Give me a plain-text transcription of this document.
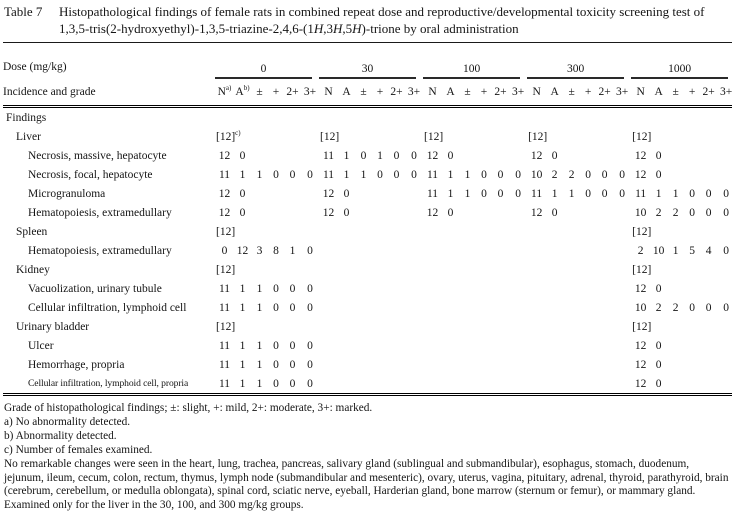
Table 7	Histopathological findings of female rats in combined repeat dose and reproductive/developmental toxicity screening test of 1,3,5-tris(2-hydroxyethyl)-1,3,5-triazine-2,4,6-(1H,3H,5H)-trione by oral administration
Dose (mg/kg)	0						30						100						300						1000					

Incidence and grade	$N^{a)}$	$A^{b)}$	±	+	2+	3+	N	A	±	+	2+	3+	N	A	±	+	2+	3+	N	A	±	+	2+	3+	N	A	±	+	2+	3+
Findings																														
Liver	$[12]^{c)}$						[12]						[12]						[12]						[12]					
Necrosis, massive, hepatocyte	12	0					11	1	0	1	0	0	12	0					12	0					12	0				
Necrosis, focal, hepatocyte	11	1	1	0	0	0	11	1	1	0	0	0	11	1	1	0	0	0	10	2	2	0	0	0	12	0				
Microgranuloma	12	0					12	0					11	1	1	0	0	0	11	1	1	0	0	0	11	1	1	0	0	0
Hematopoiesis, extramedullary	12	0					12	0					12	0					12	0					10	2	2	0	0	0
Spleen	[12]																								[12]					
Hematopoiesis, extramedullary	0	12	3	8	1	0																			2	10	1	5	4	0
Kidney	[12]																								[12]					
Vacuolization, urinary tubule	11	1	1	0	0	0																			12	0				
Cellular infiltration, lymphoid cell	11	1	1	0	0	0																			10	2	2	0	0	0
Urinary bladder	[12]																								[12]					
Ulcer	11	1	1	0	0	0																			12	0				
Hemorrhage, propria	11	1	1	0	0	0																			12	0				
Cellular infiltration, lymphoid cell, propria	11	1	1	0	0	0																			12	0				
Grade of histopathological findings; ±: slight, +: mild, 2+: moderate, 3+: marked.
a) No abnormality detected.
b) Abnormality detected.
c) Number of females examined.
No remarkable changes were seen in the heart, lung, trachea, pancreas, salivary gland (sublingual and submandibular), esophagus, stomach, duodenum, jejunum, ileum, cecum, colon, rectum, thymus, lymph node (submandibular and mesenteric), ovary, uterus, vagina, pituitary, adrenal, thyroid, parathyroid, brain (cerebrum, cerebellum, or medulla oblongata), spinal cord, sciatic nerve, eyeball, Harderian gland, bone marrow (sternum or femur), or mammary gland.
Examined only for the liver in the 30, 100, and 300 mg/kg groups.
